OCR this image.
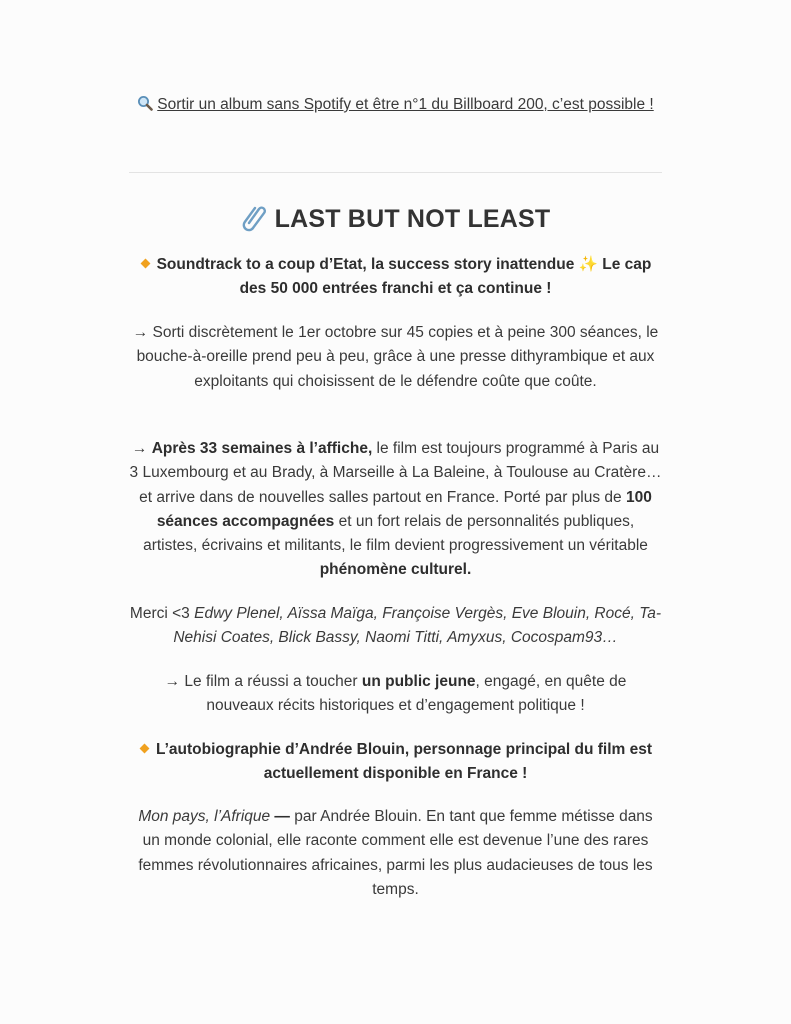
Sortir un album sans Spotify et être n°1 du Billboard 200, c’est possible !
LAST BUT NOT LEAST
Soundtrack to a coup d’Etat, la success story inattendue ✨ Le cap des 50 000 entrées franchi et ça continue !

→ Sorti discrètement le 1er octobre sur 45 copies et à peine 300 séances, le bouche-à-oreille prend peu à peu, grâce à une presse dithyrambique et aux exploitants qui choisissent de le défendre coûte que coûte.

→ Après 33 semaines à l’affiche, le film est toujours programmé à Paris au 3 Luxembourg et au Brady, à Marseille à La Baleine, à Toulouse au Cratère… et arrive dans de nouvelles salles partout en France. Porté par plus de 100 séances accompagnées et un fort relais de personnalités publiques, artistes, écrivains et militants, le film devient progressivement un véritable phénomène culturel.

Merci <3 Edwy Plenel, Aïssa Maïga, Françoise Vergès, Eve Blouin, Rocé, Ta-Nehisi Coates, Blick Bassy, Naomi Titti, Amyxus, Cocospam93…

→ Le film a réussi a toucher un public jeune, engagé, en quête de nouveaux récits historiques et d’engagement politique !

L’autobiographie d’Andrée Blouin, personnage principal du film est actuellement disponible en France !

Mon pays, l’Afrique — par Andrée Blouin. En tant que femme métisse dans un monde colonial, elle raconte comment elle est devenue l’une des rares femmes révolutionnaires africaines, parmi les plus audacieuses de tous les temps.
